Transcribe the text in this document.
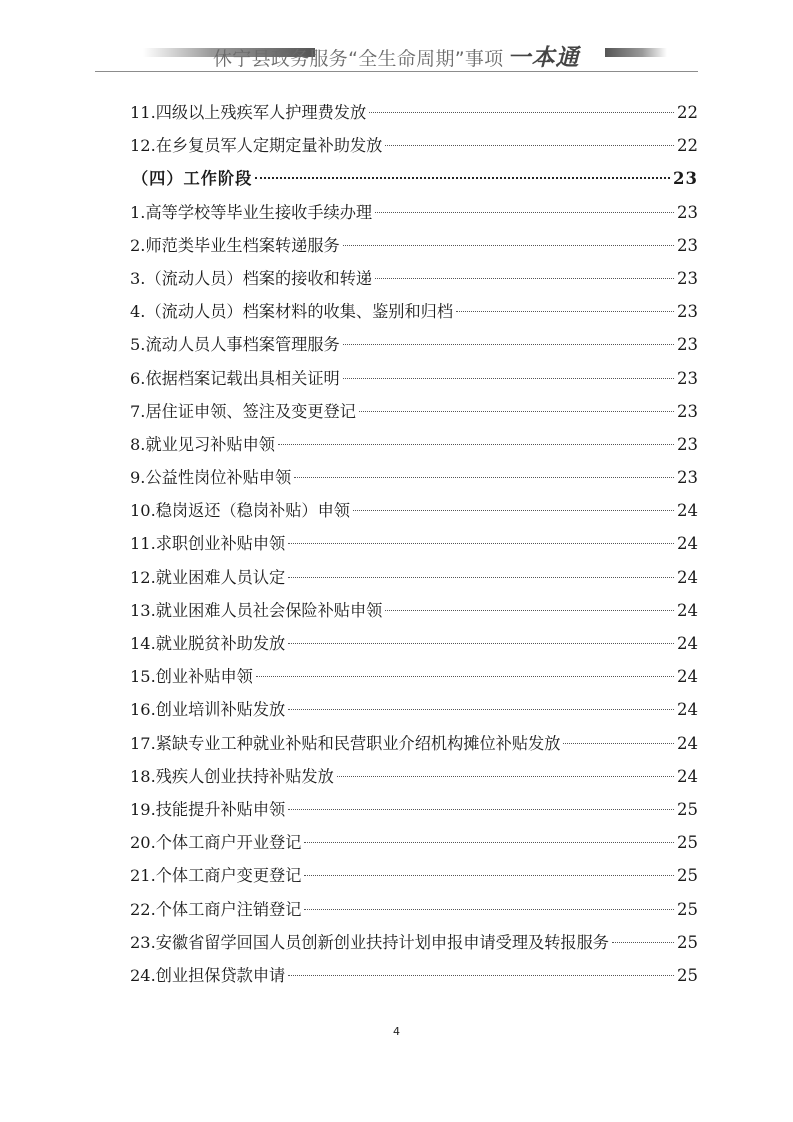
休宁县政务服务“全生命周期”事项 一本通
11.四级以上残疾军人护理费发放	22
12.在乡复员军人定期定量补助发放	22
（四）工作阶段	23
1.高等学校等毕业生接收手续办理	23
2.师范类毕业生档案转递服务	23
3.（流动人员）档案的接收和转递	23
4.（流动人员）档案材料的收集、鉴别和归档	23
5.流动人员人事档案管理服务	23
6.依据档案记载出具相关证明	23
7.居住证申领、签注及变更登记	23
8.就业见习补贴申领	23
9.公益性岗位补贴申领	23
10.稳岗返还（稳岗补贴）申领	24
11.求职创业补贴申领	24
12.就业困难人员认定	24
13.就业困难人员社会保险补贴申领	24
14.就业脱贫补助发放	24
15.创业补贴申领	24
16.创业培训补贴发放	24
17.紧缺专业工种就业补贴和民营职业介绍机构摊位补贴发放	24
18.残疾人创业扶持补贴发放	24
19.技能提升补贴申领	25
20.个体工商户开业登记	25
21.个体工商户变更登记	25
22.个体工商户注销登记	25
23.安徽省留学回国人员创新创业扶持计划申报申请受理及转报服务	25
24.创业担保贷款申请	25
4
